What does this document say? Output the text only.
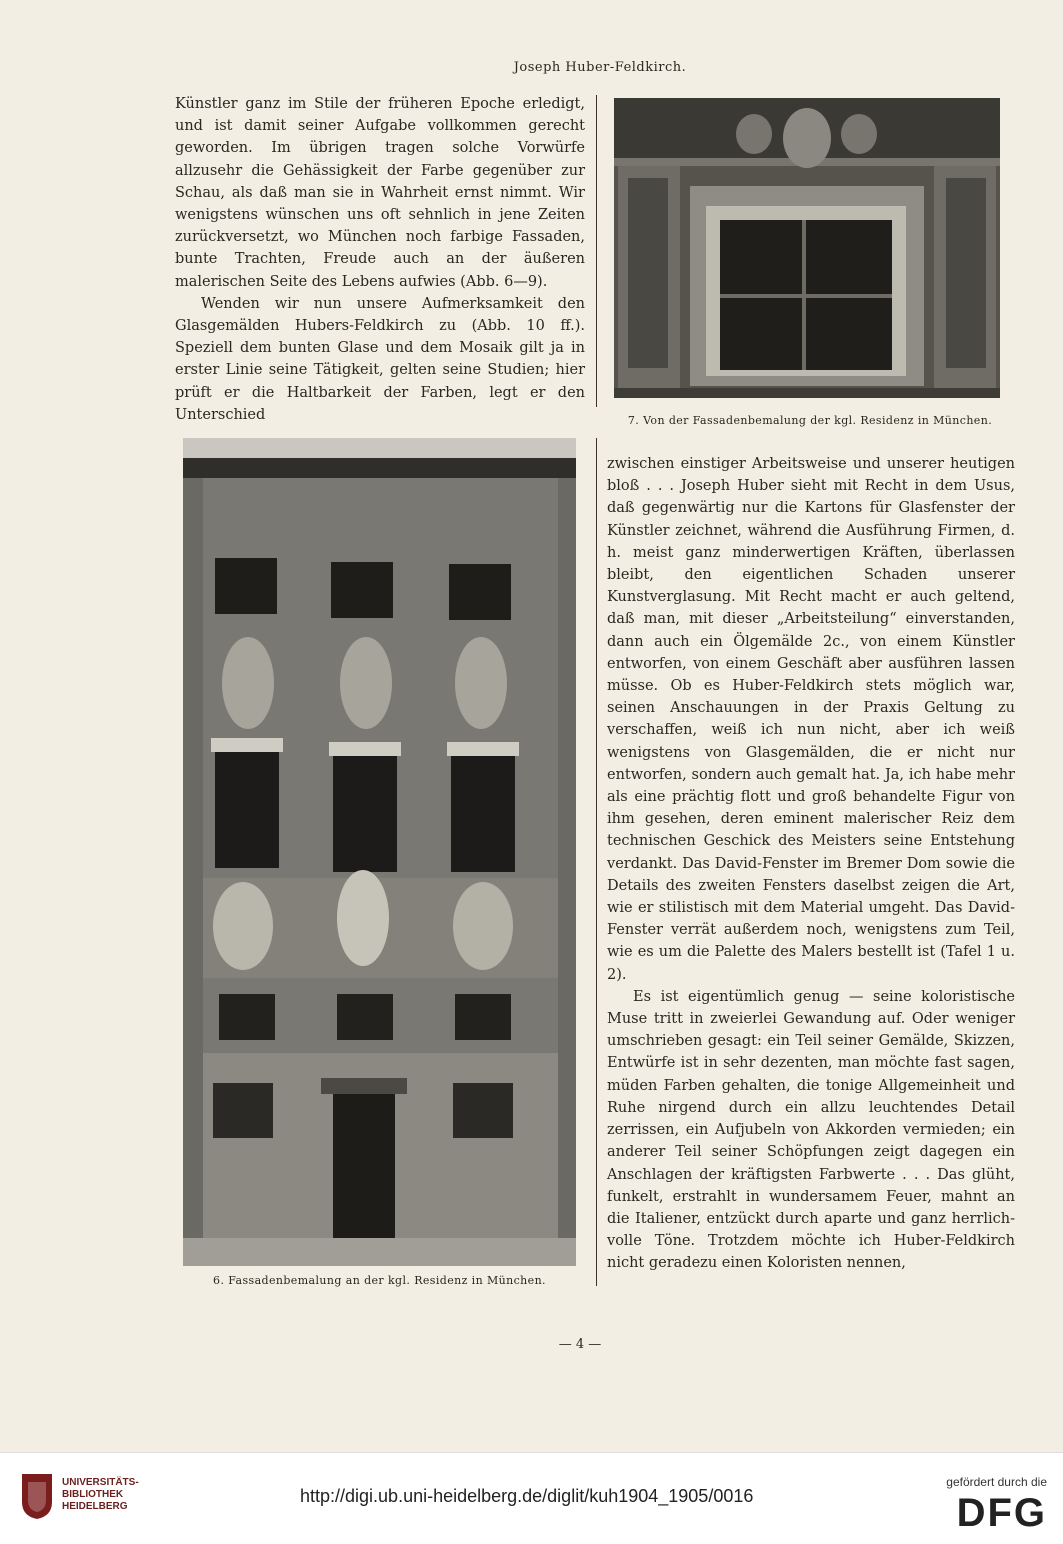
Joseph Huber-Feldkirch.
7. Von der Fassadenbemalung der kgl. Residenz in München.
6. Fassadenbemalung an der kgl. Residenz in München.

Künstler ganz im Stile der früheren Epoche erledigt, und ist damit seiner Aufgabe vollkommen gerecht geworden. Im übrigen tragen solche Vorwürfe allzusehr die Gehässigkeit der Farbe gegenüber zur Schau, als daß man sie in Wahrheit ernst nimmt. Wir wenigstens wünschen uns oft sehnlich in jene Zeiten zurückversetzt, wo München noch farbige Fassaden, bunte Trachten, Freude auch an der äußeren malerischen Seite des Lebens aufwies (Abb. 6—9).

Wenden wir nun unsere Aufmerksamkeit den Glasgemälden Hubers-Feldkirch zu (Abb. 10 ff.). Speziell dem bunten Glase und dem Mosaik gilt ja in erster Linie seine Tätigkeit, gelten seine Studien; hier prüft er die Haltbarkeit der Farben, legt er den Unterschied

zwischen einstiger Arbeitsweise und unserer heutigen bloß . . . Joseph Huber sieht mit Recht in dem Usus, daß gegenwärtig nur die Kartons für Glasfenster der Künstler zeichnet, während die Ausführung Firmen, d. h. meist ganz minderwertigen Kräften, überlassen bleibt, den eigentlichen Schaden unserer Kunstverglasung. Mit Recht macht er auch geltend, daß man, mit dieser „Arbeitsteilung“ einverstanden, dann auch ein Ölgemälde 2c., von einem Künstler entworfen, von einem Geschäft aber ausführen lassen müsse. Ob es Huber-Feldkirch stets möglich war, seinen Anschauungen in der Praxis Geltung zu verschaffen, weiß ich nun nicht, aber ich weiß wenigstens von Glasgemälden, die er nicht nur entworfen, sondern auch gemalt hat. Ja, ich habe mehr als eine prächtig flott und groß behandelte Figur von ihm gesehen, deren eminent malerischer Reiz dem technischen Geschick des Meisters seine Entstehung verdankt. Das David-Fenster im Bremer Dom sowie die Details des zweiten Fensters daselbst zeigen die Art, wie er stilistisch mit dem Material umgeht. Das David-Fenster verrät außerdem noch, wenigstens zum Teil, wie es um die Palette des Malers bestellt ist (Tafel 1 u. 2).

Es ist eigentümlich genug — seine koloristische Muse tritt in zweierlei Gewandung auf. Oder weniger umschrieben gesagt: ein Teil seiner Gemälde, Skizzen, Entwürfe ist in sehr dezenten, man möchte fast sagen, müden Farben gehalten, die tonige Allgemeinheit und Ruhe nirgend durch ein allzu leuchtendes Detail zerrissen, ein Aufjubeln von Akkorden vermieden; ein anderer Teil seiner Schöpfungen zeigt dagegen ein Anschlagen der kräftigsten Farbwerte . . . Das glüht, funkelt, erstrahlt in wundersamem Feuer, mahnt an die Italiener, entzückt durch aparte und ganz herrlich-volle Töne. Trotzdem möchte ich Huber-Feldkirch nicht geradezu einen Koloristen nennen,

— 4 —
UNIVERSITÄTS-
BIBLIOTHEK
HEIDELBERG
http://digi.ub.uni-heidelberg.de/diglit/kuh1904_1905/0016
gefördert durch die
DFG
